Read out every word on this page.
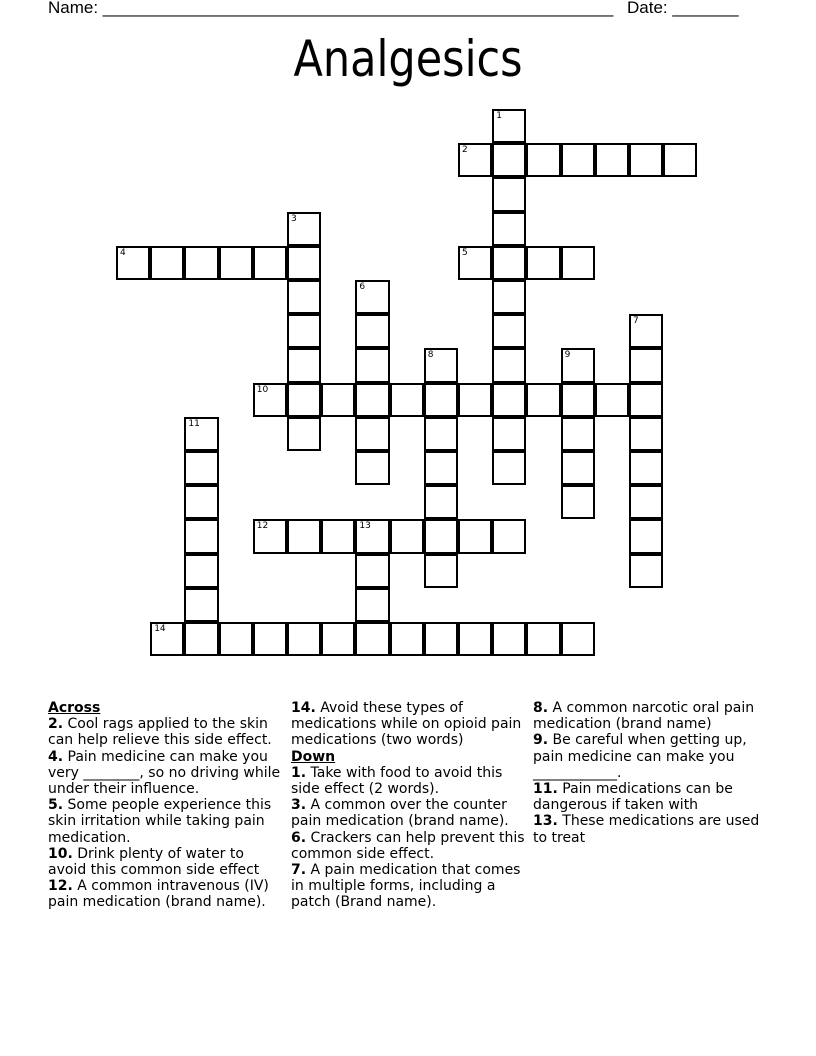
Name: ______________________________________________________ Date: _______
Analgesics
1
2
3
4	5
6
7
8	9
10
11
12	13
14
Across

2. Cool rags applied to the skin can help relieve this side effect.

4. Pain medicine can make you very ________, so no driving while under their influence.

5. Some people experience this skin irritation while taking pain medication.

10. Drink plenty of water to avoid this common side effect

12. A common intravenous (IV) pain medication (brand name).

14. Avoid these types of medications while on opioid pain medications (two words)

Down

1. Take with food to avoid this side effect (2 words).

3. A common over the counter pain medication (brand name).

6. Crackers can help prevent this common side effect.

7. A pain medication that comes in multiple forms, including a patch (Brand name).

8. A common narcotic oral pain medication (brand name)

9. Be careful when getting up, pain medicine can make you ____________.

11. Pain medications can be dangerous if taken with

13. These medications are used to treat
